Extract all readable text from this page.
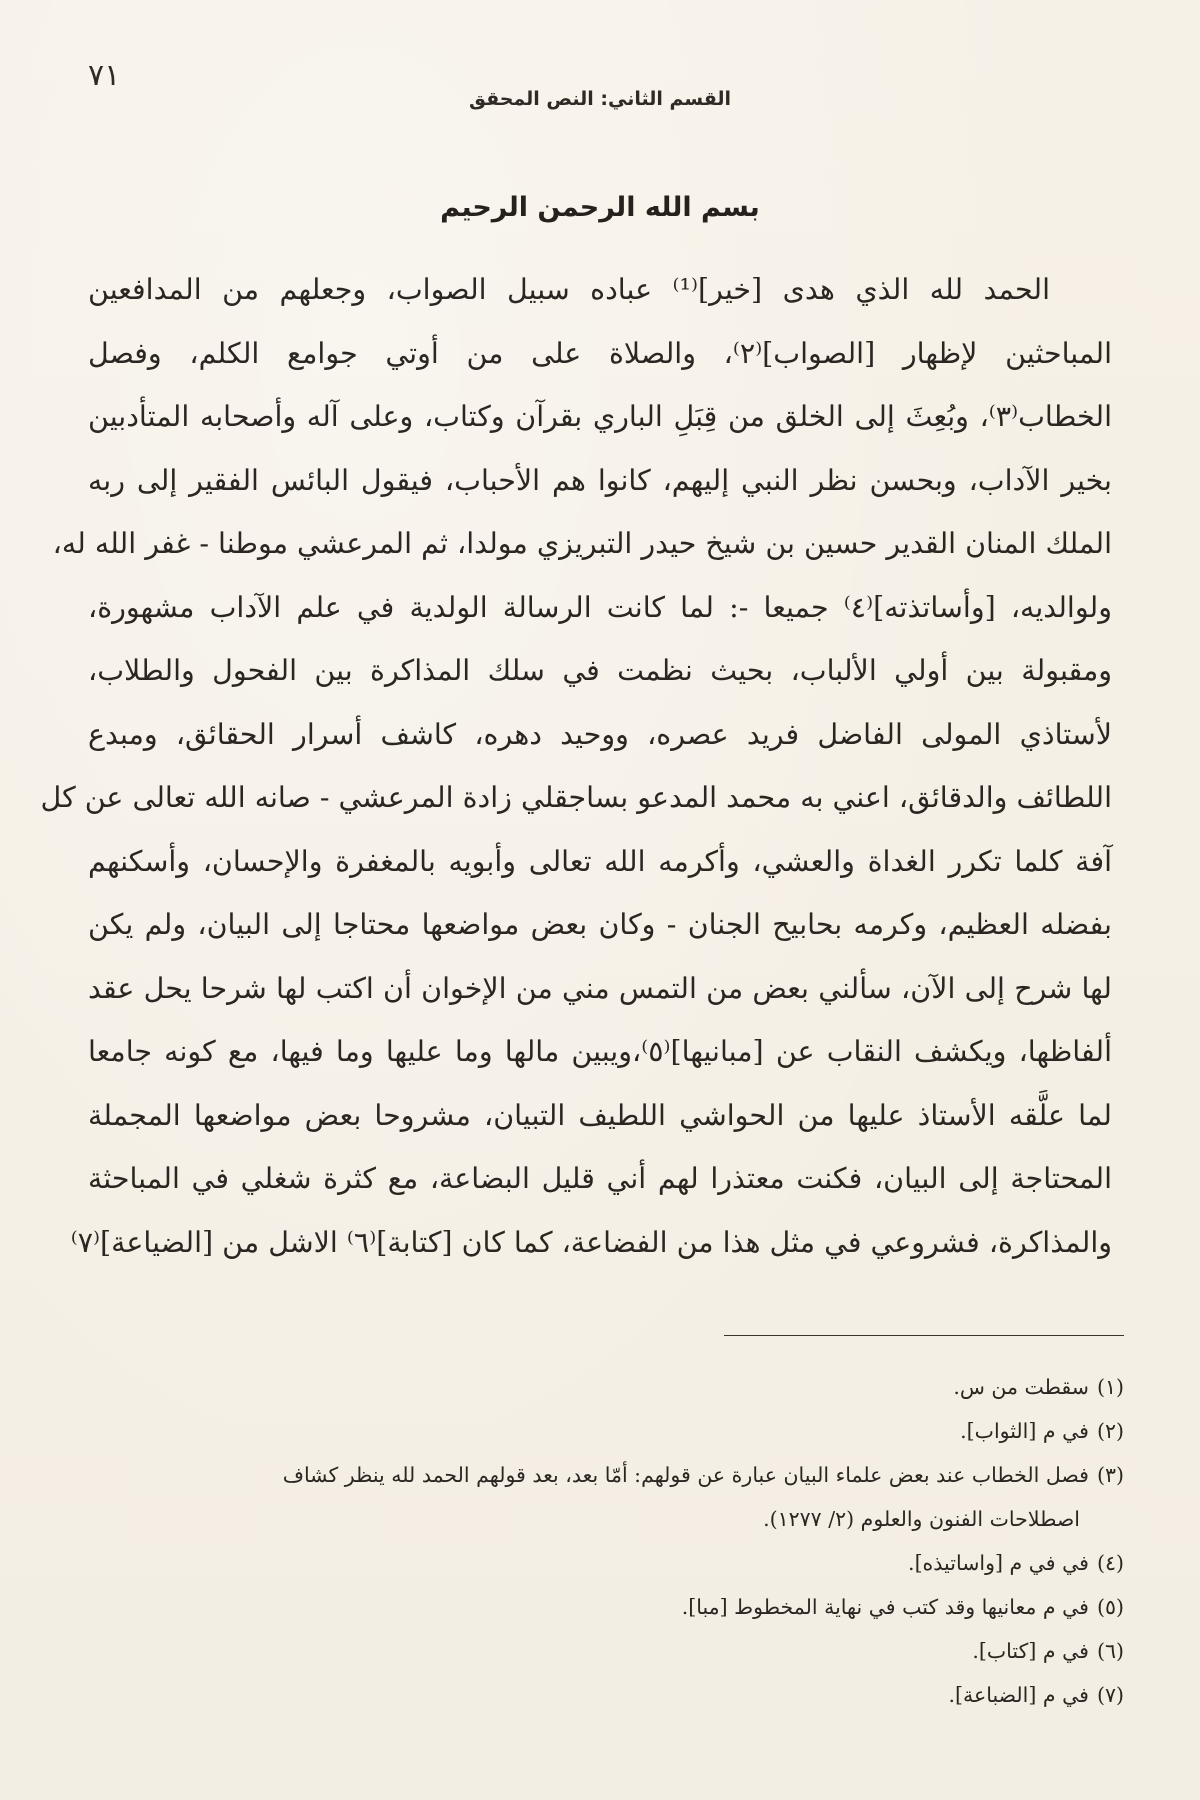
٧١
القسم الثاني: النص المحقق
بسم الله الرحمن الرحيم
الحمد لله الذي هدى [خير]⁽¹⁾ عباده سبيل الصواب، وجعلهم من المدافعين
المباحثين لإظهار [الصواب]⁽٢⁾، والصلاة على من أوتي جوامع الكلم، وفصل
الخطاب⁽٣⁾، وبُعِثَ إلى الخلق من قِبَلِ الباري بقرآن وكتاب، وعلى آله وأصحابه المتأدبين
بخير الآداب، وبحسن نظر النبي إليهم، كانوا هم الأحباب، فيقول البائس الفقير إلى ربه
الملك المنان القدير حسين بن شيخ حيدر التبريزي مولدا، ثم المرعشي موطنا - غفر الله له،
ولوالديه، [وأساتذته]⁽٤⁾ جميعا -: لما كانت الرسالة الولدية في علم الآداب مشهورة،
ومقبولة بين أولي الألباب، بحيث نظمت في سلك المذاكرة بين الفحول والطلاب،
لأستاذي المولى الفاضل فريد عصره، ووحيد دهره، كاشف أسرار الحقائق، ومبدع
اللطائف والدقائق، اعني به محمد المدعو بساجقلي زادة المرعشي - صانه الله تعالى عن كل
آفة كلما تكرر الغداة والعشي، وأكرمه الله تعالى وأبويه بالمغفرة والإحسان، وأسكنهم
بفضله العظيم، وكرمه بحابيح الجنان - وكان بعض مواضعها محتاجا إلى البيان، ولم يكن
لها شرح إلى الآن، سألني بعض من التمس مني من الإخوان أن اكتب لها شرحا يحل عقد
ألفاظها، ويكشف النقاب عن [مبانيها]⁽٥⁾،ويبين مالها وما عليها وما فيها، مع كونه جامعا
لما علَّقه الأستاذ عليها من الحواشي اللطيف التبيان، مشروحا بعض مواضعها المجملة
المحتاجة إلى البيان، فكنت معتذرا لهم أني قليل البضاعة، مع كثرة شغلي في المباحثة
والمذاكرة، فشروعي في مثل هذا من الفضاعة، كما كان [كتابة]⁽٦⁾ الاشل من [الضياعة]⁽٧⁾
(١)سقطت من س.
(٢)في م [الثواب].
(٣)فصل الخطاب عند بعض علماء البيان عبارة عن قولهم: أمّا بعد، بعد قولهم الحمد لله ينظر كشاف
اصطلاحات الفنون والعلوم (٢/ ١٢٧٧).
(٤)في في م [واساتيذه].
(٥)في م معانيها وقد كتب في نهاية المخطوط [مبا].
(٦)في م [كتاب].
(٧)في م [الضباعة].
